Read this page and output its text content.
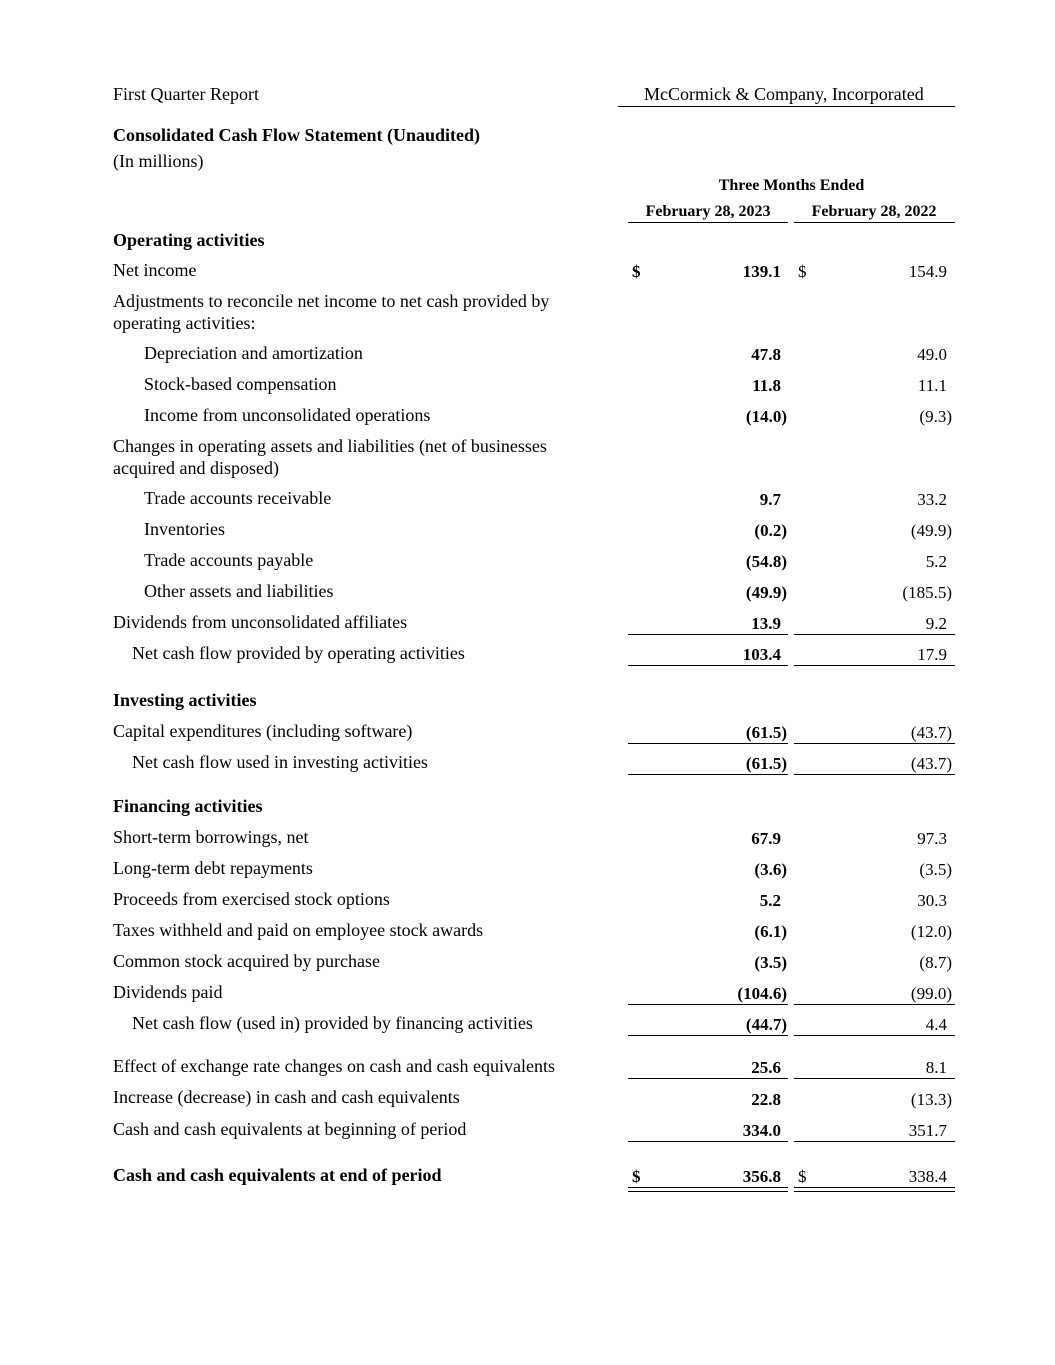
First Quarter Report	McCormick & Company, Incorporated
Consolidated Cash Flow Statement (Unaudited)
(In millions)
Three Months Ended
February 28, 2023	February 28, 2022
Operating activities
Net income	$	139.1 $	154.9
Adjustments to reconcile net income to net cash provided by
operating activities:
Depreciation and amortization	47.8	49.0
Stock-based compensation	11.8	11.1
Income from unconsolidated operations	(14.0)	(9.3)
Changes in operating assets and liabilities (net of businesses
acquired and disposed)
Trade accounts receivable	9.7	33.2
Inventories	(0.2)	(49.9)
Trade accounts payable	(54.8)	5.2
Other assets and liabilities	(49.9)	(185.5)
Dividends from unconsolidated affiliates	13.9	9.2
Net cash flow provided by operating activities	103.4	17.9
Investing activities
Capital expenditures (including software)	(61.5)	(43.7)
Net cash flow used in investing activities	(61.5)	(43.7)
Financing activities
Short-term borrowings, net	67.9	97.3
Long-term debt repayments	(3.6)	(3.5)
Proceeds from exercised stock options	5.2	30.3
Taxes withheld and paid on employee stock awards	(6.1)	(12.0)
Common stock acquired by purchase	(3.5)	(8.7)
Dividends paid	(104.6)	(99.0)
Net cash flow (used in) provided by financing activities	(44.7)	4.4
Effect of exchange rate changes on cash and cash equivalents	25.6	8.1
Increase (decrease) in cash and cash equivalents	22.8	(13.3)
Cash and cash equivalents at beginning of period	334.0	351.7
Cash and cash equivalents at end of period	$	356.8 $	338.4
